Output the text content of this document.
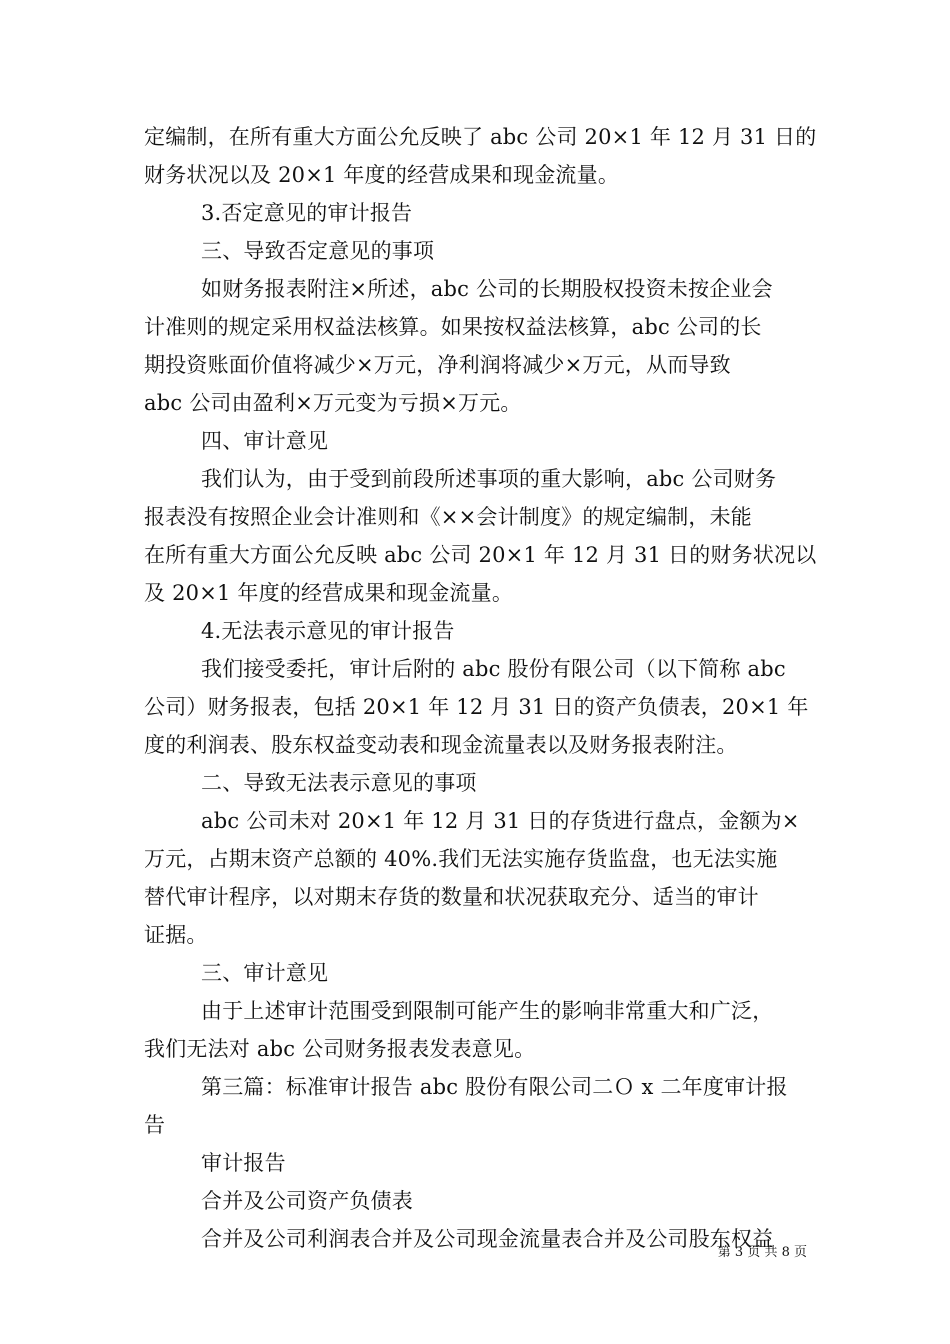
定编制，在所有重大方面公允反映了 abc 公司 20×1 年 12 月 31 日的
财务状况以及 20×1 年度的经营成果和现金流量。
3.否定意见的审计报告
三、导致否定意见的事项
如财务报表附注×所述，abc 公司的长期股权投资未按企业会
计准则的规定采用权益法核算。如果按权益法核算，abc 公司的长
期投资账面价值将减少×万元，净利润将减少×万元，从而导致
abc 公司由盈利×万元变为亏损×万元。
四、审计意见
我们认为，由于受到前段所述事项的重大影响，abc 公司财务
报表没有按照企业会计准则和《××会计制度》的规定编制，未能
在所有重大方面公允反映 abc 公司 20×1 年 12 月 31 日的财务状况以
及 20×1 年度的经营成果和现金流量。
4.无法表示意见的审计报告
我们接受委托，审计后附的 abc 股份有限公司（以下简称 abc
公司）财务报表，包括 20×1 年 12 月 31 日的资产负债表，20×1 年
度的利润表、股东权益变动表和现金流量表以及财务报表附注。
二、导致无法表示意见的事项
abc 公司未对 20×1 年 12 月 31 日的存货进行盘点，金额为×
万元，占期末资产总额的 40%.我们无法实施存货监盘，也无法实施
替代审计程序，以对期末存货的数量和状况获取充分、适当的审计
证据。
三、审计意见
由于上述审计范围受到限制可能产生的影响非常重大和广泛，
我们无法对 abc 公司财务报表发表意见。
第三篇：标准审计报告 abc 股份有限公司二Ｏ x 二年度审计报
告
审计报告
合并及公司资产负债表
合并及公司利润表合并及公司现金流量表合并及公司股东权益
第 3 页 共 8 页
